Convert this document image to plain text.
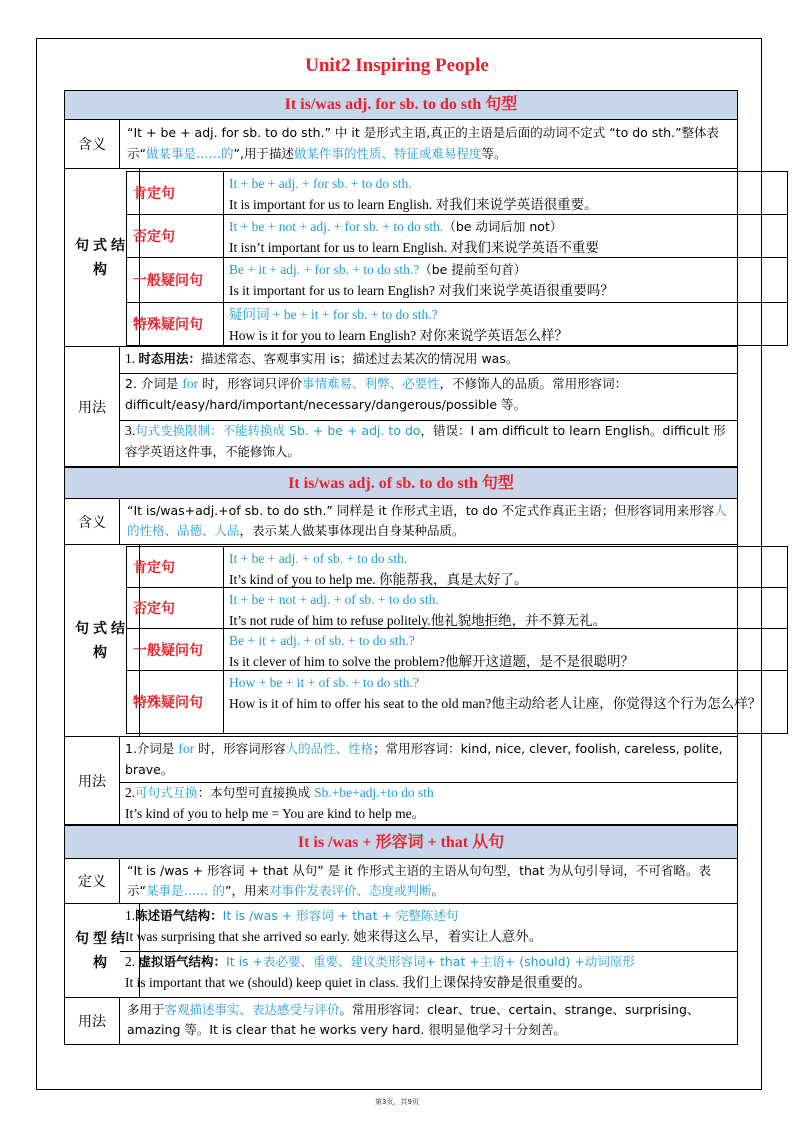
Unit2 Inspiring People
It is/was adj. for sb. to do sth 句型
含义
“It + be + adj. for sb. to do sth.” 中 it 是形式主语,真正的主语是后面的动词不定式 “to do sth.”整体表示“做某事是……的”,用于描述做某件事的性质、特征或难易程度等。
句式结构
肯定句
It + be + adj. + for sb. + to do sth.
It is important for us to learn English. 对我们来说学英语很重要。
否定句
It + be + not + adj. + for sb. + to do sth.（be 动词后加 not）
It isn’t important for us to learn English. 对我们来说学英语不重要
一般疑问句
Be + it + adj. + for sb. + to do sth.?（be 提前至句首）
Is it important for us to learn English? 对我们来说学英语很重要吗？
特殊疑问句
疑问词 + be + it + for sb. + to do sth.?
How is it for you to learn English? 对你来说学英语怎么样？
用法
1. 时态用法：描述常态、客观事实用 is；描述过去某次的情况用 was。
2. 介词是 for 时，形容词只评价事情难易、利弊、必要性，不修饰人的品质。常用形容词：difficult/easy/hard/important/necessary/dangerous/possible 等。
3.句式变换限制：不能转换成 Sb. + be + adj. to do，错误：I am difficult to learn English。difficult 形容学英语这件事，不能修饰人。
It is/was adj. of sb. to do sth 句型
含义
“It is/was+adj.+of sb. to do sth.” 同样是 it 作形式主语，to do 不定式作真正主语；但形容词用来形容人的性格、品德、人品，表示某人做某事体现出自身某种品质。
句式结构
肯定句
It + be + adj. + of sb. + to do sth.
It’s kind of you to help me. 你能帮我，真是太好了。
否定句
It + be + not + adj. + of sb. + to do sth.
It’s not rude of him to refuse politely.他礼貌地拒绝，并不算无礼。
一般疑问句
Be + it + adj. + of sb. + to do sth.?
Is it clever of him to solve the problem?他解开这道题，是不是很聪明？
特殊疑问句
How + be + it + of sb. + to do sth.?
How is it of him to offer his seat to the old man?他主动给老人让座，你觉得这个行为怎么样？
用法
1.介词是 for 时，形容词形容人的品性、性格；常用形容词：kind, nice, clever, foolish, careless, polite, brave。
2.可句式互换：本句型可直接换成 Sb.+be+adj.+to do sth
It’s kind of you to help me = You are kind to help me。
It is /was + 形容词 + that 从句
定义
“It is /was + 形容词 + that 从句” 是 it 作形式主语的主语从句句型，that 为从句引导词，不可省略。表示“某事是…… 的”，用来对事件发表评价、态度或判断。
句型结构
1.陈述语气结构：It is /was + 形容词 + that + 完整陈述句
It was surprising that she arrived so early. 她来得这么早，着实让人意外。
2. 虚拟语气结构：It is +表必要、重要、建议类形容词+ that +主语+ (should) +动词原形
It is important that we (should) keep quiet in class. 我们上课保持安静是很重要的。
用法
多用于客观描述事实、表达感受与评价。常用形容词：clear、true、certain、strange、surprising、amazing 等。It is clear that he works very hard. 很明显他学习十分刻苦。
第3页，共9页
